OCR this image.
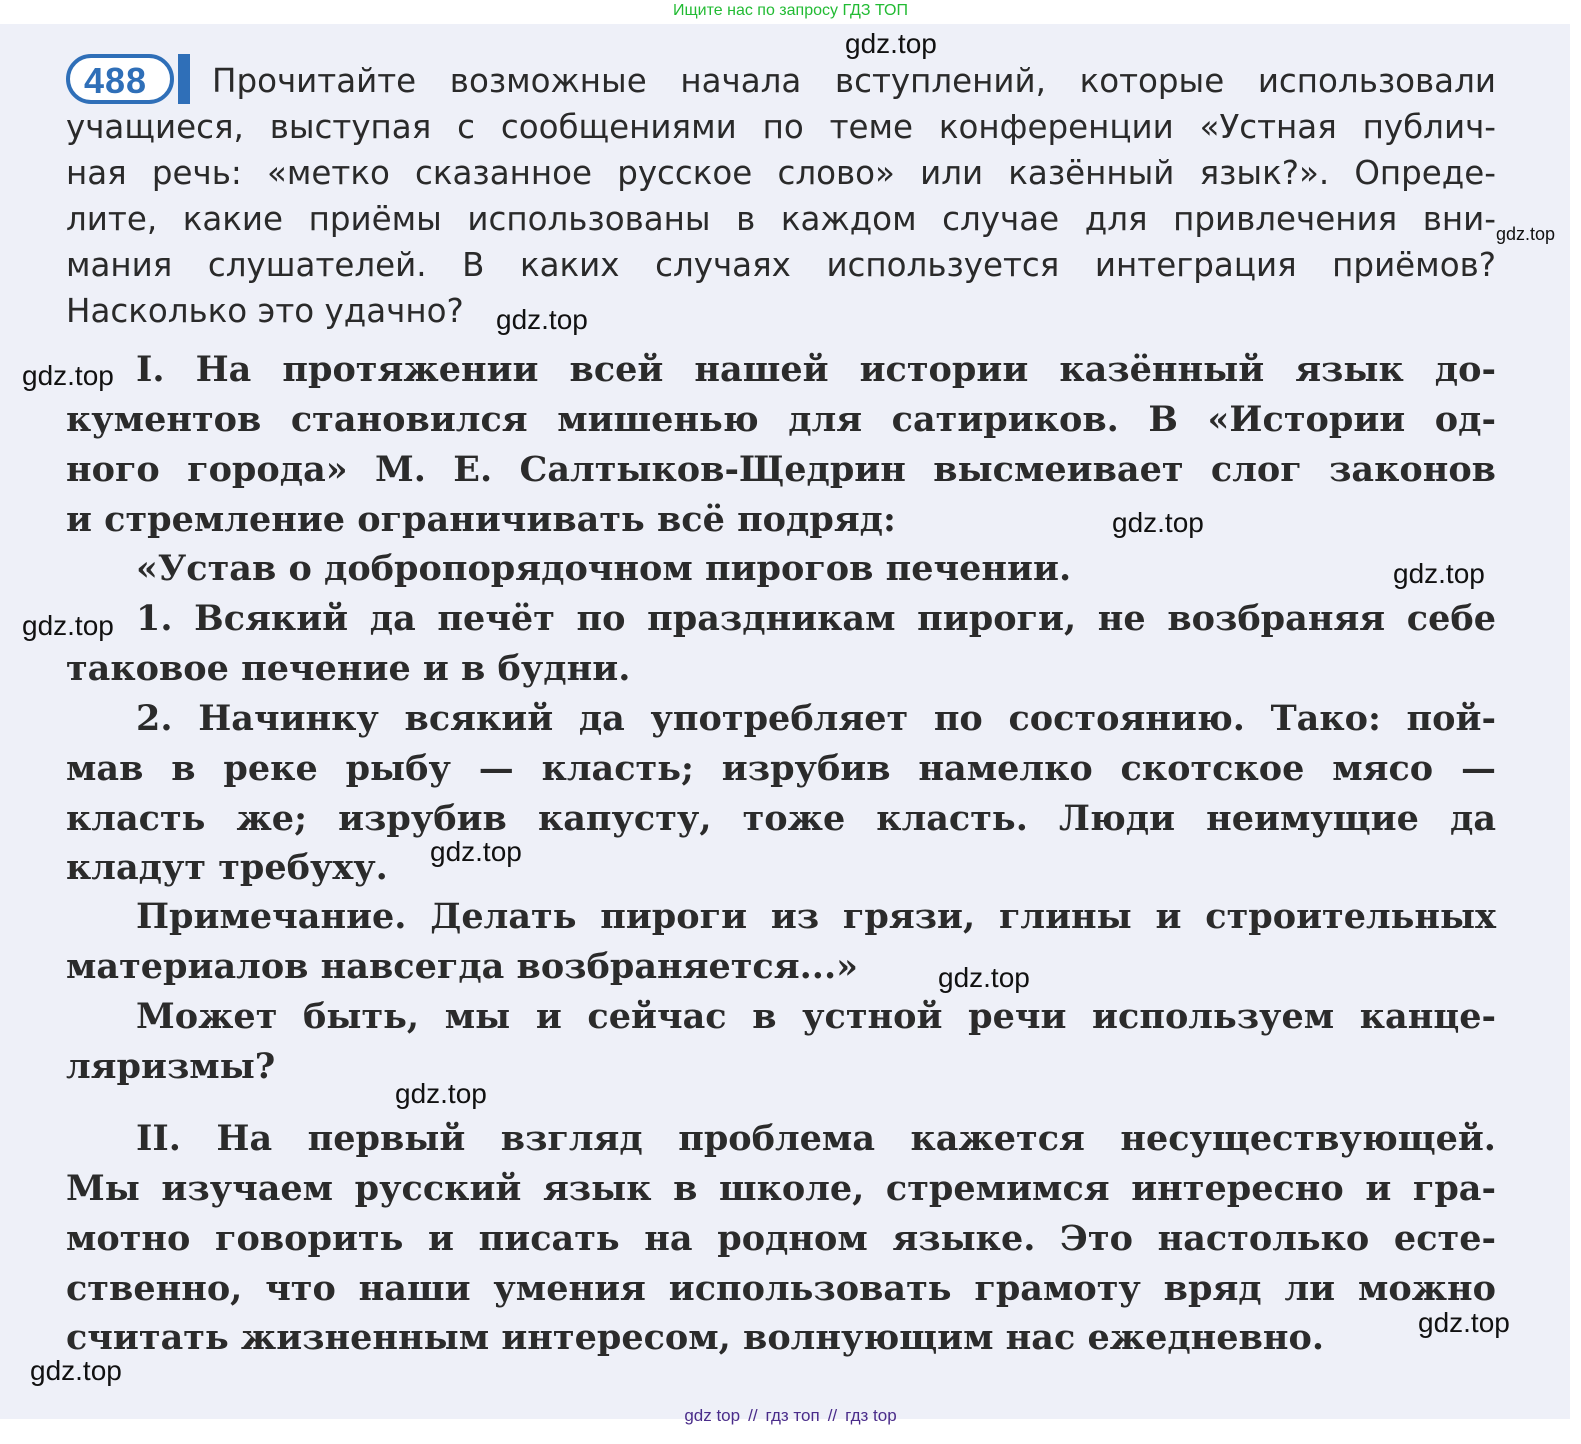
Ищите нас по запросу ГДЗ ТОП
488 Прочитайте возможные начала вступлений, которые использовали
учащиеся, выступая с сообщениями по теме конференции «Устная публич-
ная речь: «метко сказанное русское слово» или казённый язык?». Опреде-
лите, какие приёмы использованы в каждом случае для привлечения вни-
мания слушателей. В каких случаях используется интеграция приёмов?
Насколько это удачно?
I. На протяжении всей нашей истории казённый язык до-
кументов становился мишенью для сатириков. В «Истории од-
ного города» М. Е. Салтыков-Щедрин высмеивает слог законов
и стремление ограничивать всё подряд:
«Устав о добропорядочном пирогов печении.
1. Всякий да печёт по праздникам пироги, не возбраняя себе
таковое печение и в будни.
2. Начинку всякий да употребляет по состоянию. Тако: пой-
мав в реке рыбу — класть; изрубив намелко скотское мясо —
класть же; изрубив капусту, тоже класть. Люди неимущие да
кладут требуху.
Примечание. Делать пироги из грязи, глины и строительных
материалов навсегда возбраняется...»
Может быть, мы и сейчас в устной речи используем канце-
ляризмы?
II. На первый взгляд проблема кажется несуществующей.
Мы изучаем русский язык в школе, стремимся интересно и гра-
мотно говорить и писать на родном языке. Это настолько есте-
ственно, что наши умения использовать грамоту вряд ли можно
считать жизненным интересом, волнующим нас ежедневно.
gdz.top
gdz.top
gdz.top
gdz.top
gdz.top
gdz.top
gdz.top
gdz.top
gdz.top
gdz.top
gdz.top
gdz.top
gdz top // гдз топ // гдз top
